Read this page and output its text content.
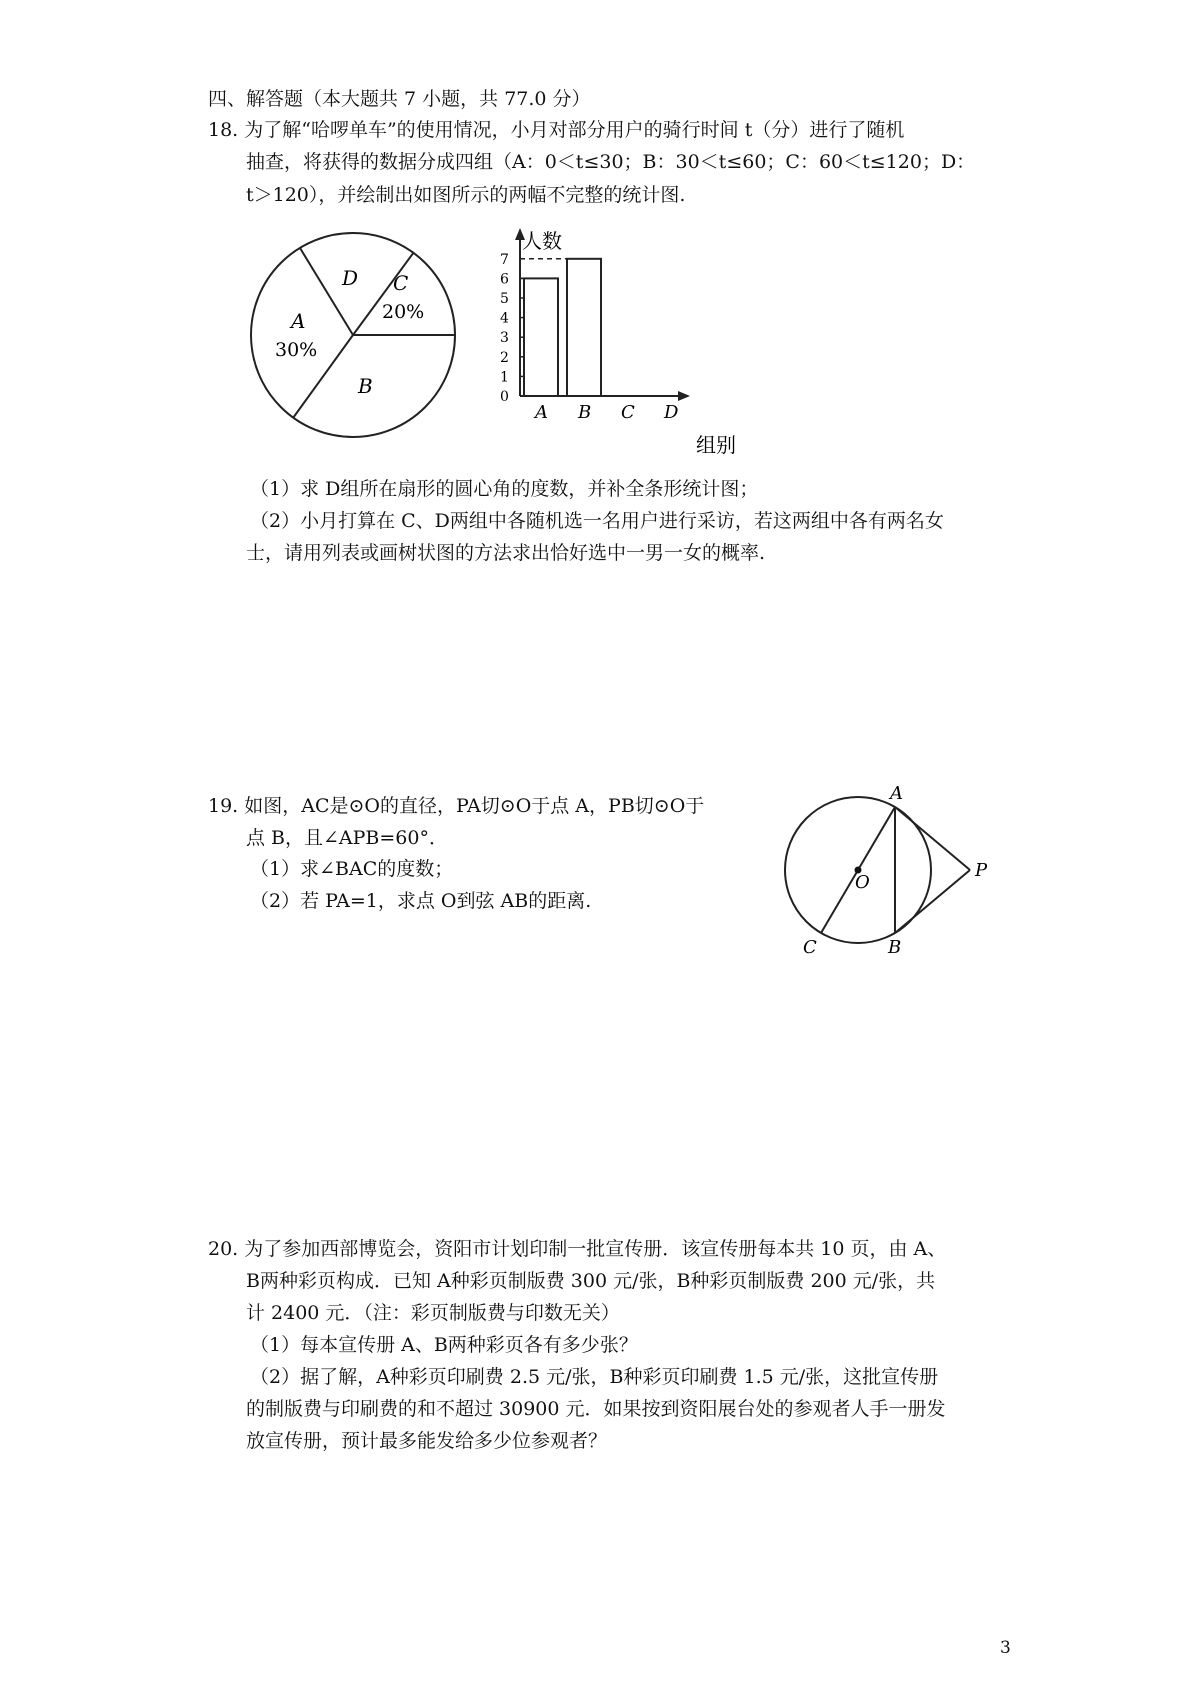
四、解答题（本大题共 7 小题，共 77.0 分）
18. 为了解“哈啰单车”的使用情况，小月对部分用户的骑行时间 t（分）进行了随机
抽查，将获得的数据分成四组（A：0＜t≤30；B：30＜t≤60；C：60＜t≤120；D：
t＞120），并绘制出如图所示的两幅不完整的统计图.
D C
20%
A
30%
B	0
1
2
3
4
5
6
7
A B C D
人数
组别
（1）求 D组所在扇形的圆心角的度数，并补全条形统计图；
（2）小月打算在 C、D两组中各随机选一名用户进行采访，若这两组中各有两名女
士，请用列表或画树状图的方法求出恰好选中一男一女的概率.
19. 如图，AC是⊙O的直径，PA切⊙O于点 A，PB切⊙O于
点 B，且∠APB=60°．
（1）求∠BAC的度数；
（2）若 PA=1，求点 O到弦 AB的距离.
A
O
P
C	B
20. 为了参加西部博览会，资阳市计划印制一批宣传册．该宣传册每本共 10 页，由 A、
B两种彩页构成．已知 A种彩页制版费 300 元/张，B种彩页制版费 200 元/张，共
计 2400 元．（注：彩页制版费与印数无关）
（1）每本宣传册 A、B两种彩页各有多少张？
（2）据了解，A种彩页印刷费 2.5 元/张，B种彩页印刷费 1.5 元/张，这批宣传册
的制版费与印刷费的和不超过 30900 元．如果按到资阳展台处的参观者人手一册发
放宣传册，预计最多能发给多少位参观者？
3
